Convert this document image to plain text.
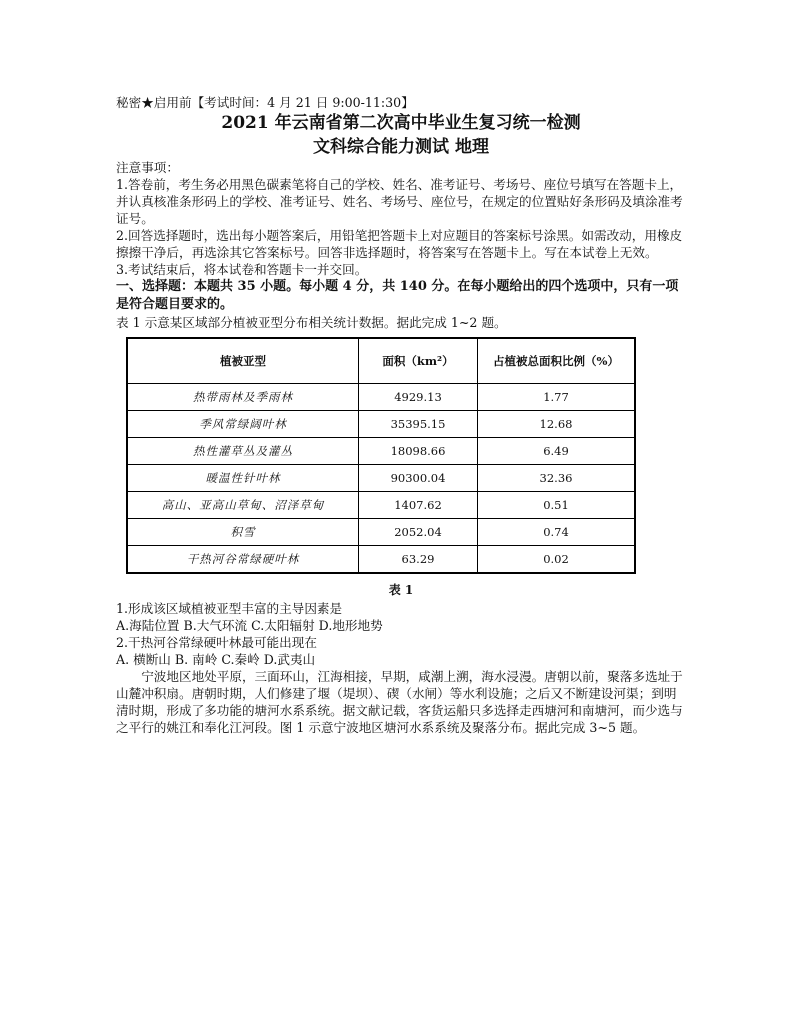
秘密★启用前【考试时间：4 月 21 日 9:00-11:30】
2021 年云南省第二次高中毕业生复习统一检测
文科综合能力测试 地理
注意事项：
1.答卷前，考生务必用黑色碳素笔将自己的学校、姓名、准考证号、考场号、座位号填写在答题卡上，并认真核准条形码上的学校、准考证号、姓名、考场号、座位号，在规定的位置贴好条形码及填涂准考证号。
2.回答选择题时，选出每小题答案后，用铅笔把答题卡上对应题目的答案标号涂黑。如需改动，用橡皮擦擦干净后，再选涂其它答案标号。回答非选择题时，将答案写在答题卡上。写在本试卷上无效。
3.考试结束后，将本试卷和答题卡一并交回。
一、选择题：本题共 35 小题。每小题 4 分，共 140 分。在每小题给出的四个选项中，只有一项是符合题目要求的。
表 1 示意某区域部分植被亚型分布相关统计数据。据此完成 1~2 题。
植被亚型	面积（km²）	占植被总面积比例（%）
热带雨林及季雨林	4929.13	1.77
季风常绿阔叶林	35395.15	12.68
热性灌草丛及灌丛	18098.66	6.49
暖温性针叶林	90300.04	32.36
高山、亚高山草甸、沼泽草甸	1407.62	0.51
积雪	2052.04	0.74
干热河谷常绿硬叶林	63.29	0.02
表 1
1.形成该区域植被亚型丰富的主导因素是
A.海陆位置 B.大气环流 C.太阳辐射 D.地形地势
2.干热河谷常绿硬叶林最可能出现在
A. 横断山 B. 南岭 C.秦岭 D.武夷山
宁波地区地处平原，三面环山，江海相接，早期，咸潮上溯，海水浸漫。唐朝以前，聚落多选址于山麓冲积扇。唐朝时期，人们修建了堰（堤坝）、碶（水闸）等水利设施；之后又不断建设河渠；到明清时期，形成了多功能的塘河水系系统。据文献记载，客货运船只多选择走西塘河和南塘河，而少选与之平行的姚江和奉化江河段。图 1 示意宁波地区塘河水系系统及聚落分布。据此完成 3~5 题。
